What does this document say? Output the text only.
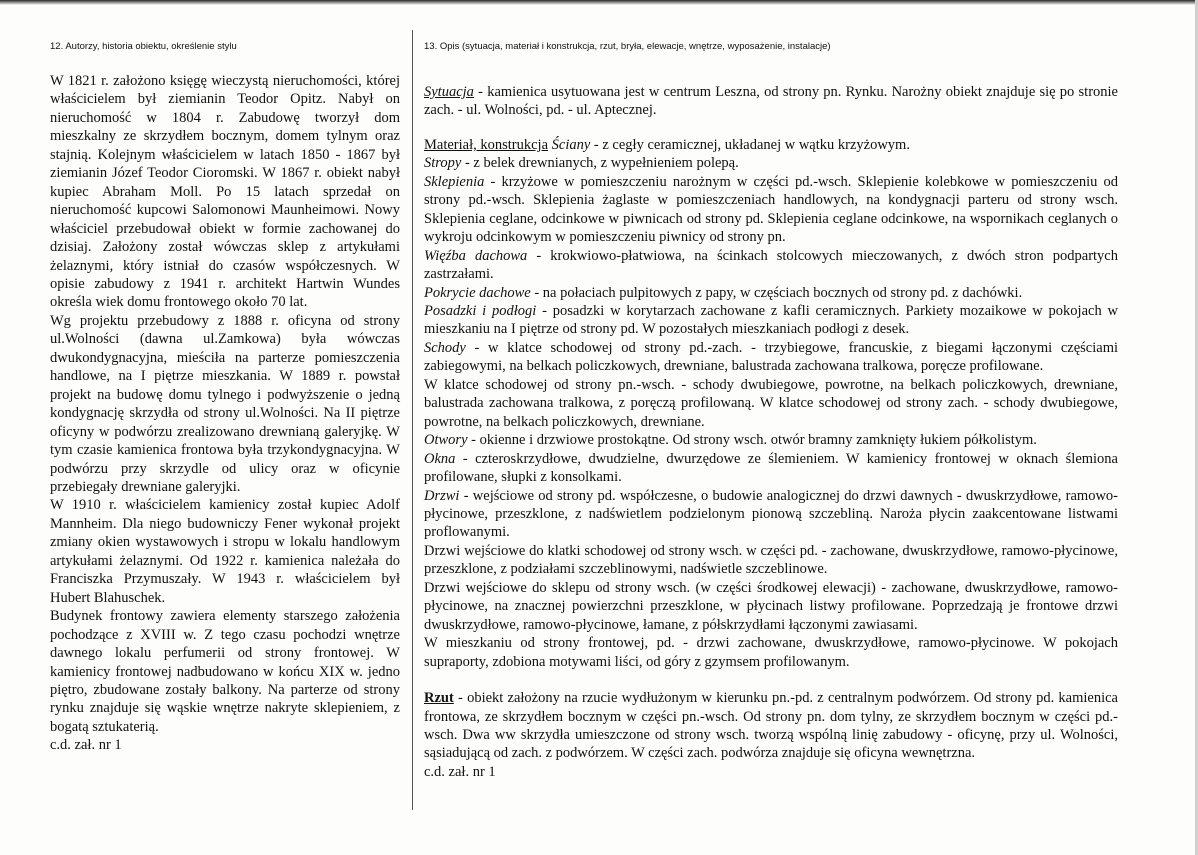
12. Autorzy, historia obiektu, określenie stylu	13. Opis (sytuacja, materiał i konstrukcja, rzut, bryła, elewacje, wnętrze, wyposażenie, instalacje)

W 1821 r. założono księgę wieczystą nieruchomości, której właścicielem był ziemianin Teodor Opitz. Nabył on nieruchomość w 1804 r. Zabudowę tworzył dom mieszkalny ze skrzydłem bocznym, domem tylnym oraz stajnią. Kolejnym właścicielem w latach 1850 - 1867 był ziemianin Józef Teodor Cioromski. W 1867 r. obiekt nabył kupiec Abraham Moll. Po 15 latach sprzedał on nieruchomość kupcowi Salomonowi Maunheimowi. Nowy właściciel przebudował obiekt w formie zachowanej do dzisiaj. Założony został wówczas sklep z artykułami żelaznymi, który istniał do czasów współczesnych. W opisie zabudowy z 1941 r. architekt Hartwin Wundes określa wiek domu frontowego około 70 lat.

Wg projektu przebudowy z 1888 r. oficyna od strony ul.Wolności (dawna ul.Zamkowa) była wówczas dwukondygnacyjna, mieściła na parterze pomieszczenia handlowe, na I piętrze mieszkania. W 1889 r. powstał projekt na budowę domu tylnego i podwyższenie o jedną kondygnację skrzydła od strony ul.Wolności. Na II piętrze oficyny w podwórzu zrealizowano drewnianą galeryjkę. W tym czasie kamienica frontowa była trzykondygnacyjna. W podwórzu przy skrzydle od ulicy oraz w oficynie przebiegały drewniane galeryjki.

W 1910 r. właścicielem kamienicy został kupiec Adolf Mannheim. Dla niego budowniczy Fener wykonał projekt zmiany okien wystawowych i stropu w lokalu handlowym artykułami żelaznymi. Od 1922 r. kamienica należała do Franciszka Przymuszały. W 1943 r. właścicielem był Hubert Blahuschek.

Budynek frontowy zawiera elementy starszego założenia pochodzące z XVIII w. Z tego czasu pochodzi wnętrze dawnego lokalu perfumerii od strony frontowej. W kamienicy frontowej nadbudowano w końcu XIX w. jedno piętro, zbudowane zostały balkony. Na parterze od strony rynku znajduje się wąskie wnętrze nakryte sklepieniem, z bogatą sztukaterią.

c.d. zał. nr 1

Sytuacja - kamienica usytuowana jest w centrum Leszna, od strony pn. Rynku. Narożny obiekt znajduje się po stronie zach. - ul. Wolności, pd. - ul. Aptecznej.

Materiał, konstrukcja Ściany - z cegły ceramicznej, układanej w wątku krzyżowym.

Stropy - z belek drewnianych, z wypełnieniem polepą.

Sklepienia - krzyżowe w pomieszczeniu narożnym w części pd.-wsch. Sklepienie kolebkowe w pomieszczeniu od strony pd.-wsch. Sklepienia żaglaste w pomieszczeniach handlowych, na kondygnacji parteru od strony wsch. Sklepienia ceglane, odcinkowe w piwnicach od strony pd. Sklepienia ceglane odcinkowe, na wspornikach ceglanych o wykroju odcinkowym w pomieszczeniu piwnicy od strony pn.

Więźba dachowa - krokwiowo-płatwiowa, na ścinkach stolcowych mieczowanych, z dwóch stron podpartych zastrzałami.

Pokrycie dachowe - na połaciach pulpitowych z papy, w częściach bocznych od strony pd. z dachówki.

Posadzki i podłogi - posadzki w korytarzach zachowane z kafli ceramicznych. Parkiety mozaikowe w pokojach w mieszkaniu na I piętrze od strony pd. W pozostałych mieszkaniach podłogi z desek.

Schody - w klatce schodowej od strony pd.-zach. - trzybiegowe, francuskie, z biegami łączonymi częściami zabiegowymi, na belkach policzkowych, drewniane, balustrada zachowana tralkowa, poręcze profilowane.

W klatce schodowej od strony pn.-wsch. - schody dwubiegowe, powrotne, na belkach policzkowych, drewniane, balustrada zachowana tralkowa, z poręczą profilowaną. W klatce schodowej od strony zach. - schody dwubiegowe, powrotne, na belkach policzkowych, drewniane.

Otwory - okienne i drzwiowe prostokątne. Od strony wsch. otwór bramny zamknięty łukiem półkolistym.

Okna - czteroskrzydłowe, dwudzielne, dwurzędowe ze ślemieniem. W kamienicy frontowej w oknach ślemiona profilowane, słupki z konsolkami.

Drzwi - wejściowe od strony pd. współczesne, o budowie analogicznej do drzwi dawnych - dwuskrzydłowe, ramowo-płycinowe, przeszklone, z nadświetlem podzielonym pionową szczebliną. Naroża płycin zaakcentowane listwami proflowanymi.

Drzwi wejściowe do klatki schodowej od strony wsch. w części pd. - zachowane, dwuskrzydłowe, ramowo-płycinowe, przeszklone, z podziałami szczeblinowymi, nadświetle szczeblinowe.

Drzwi wejściowe do sklepu od strony wsch. (w części środkowej elewacji) - zachowane, dwuskrzydłowe, ramowo-płycinowe, na znacznej powierzchni przeszklone, w płycinach listwy profilowane. Poprzedzają je frontowe drzwi dwuskrzydłowe, ramowo-płycinowe, łamane, z półskrzydłami łączonymi zawiasami.

W mieszkaniu od strony frontowej, pd. - drzwi zachowane, dwuskrzydłowe, ramowo-płycinowe. W pokojach supraporty, zdobiona motywami liści, od góry z gzymsem profilowanym.

Rzut - obiekt założony na rzucie wydłużonym w kierunku pn.-pd. z centralnym podwórzem. Od strony pd. kamienica frontowa, ze skrzydłem bocznym w części pn.-wsch. Od strony pn. dom tylny, ze skrzydłem bocznym w części pd.-wsch. Dwa ww skrzydła umieszczone od strony wsch. tworzą wspólną linię zabudowy - oficynę, przy ul. Wolności, sąsiadującą od zach. z podwórzem. W części zach. podwórza znajduje się oficyna wewnętrzna.

c.d. zał. nr 1
